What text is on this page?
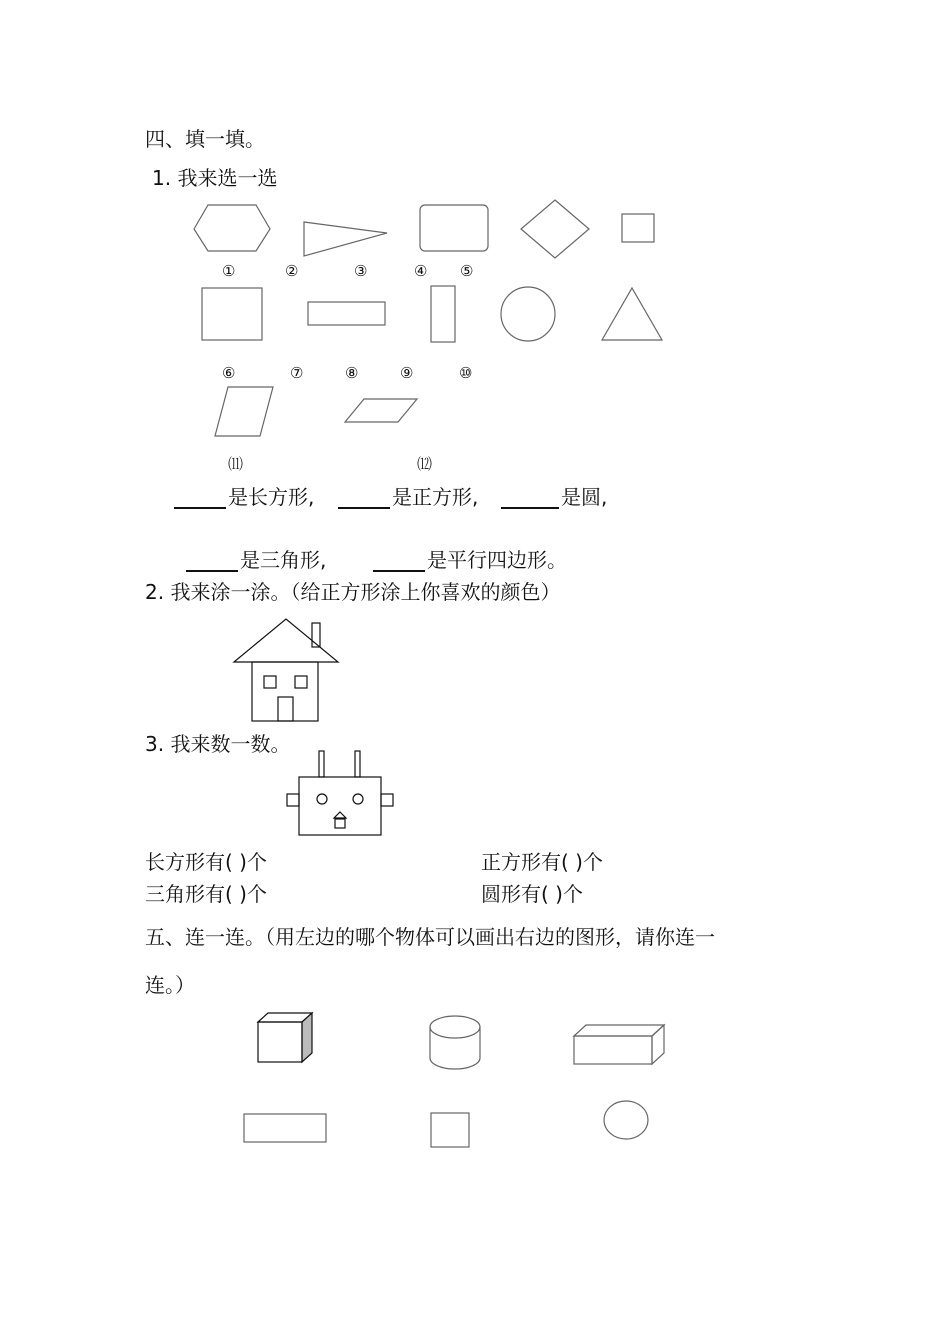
四、填一填。
1. 我来选一选
①	②	③	④ ⑤
⑥	⑦	⑧	⑨	⑩
⑾	⑿
是长方形,	是正方形,	是圆,
是三角形,	是平行四边形。
2. 我来涂一涂。（给正方形涂上你喜欢的颜色）
3. 我来数一数。
长方形有( )个	正方形有( )个
三角形有( )个	圆形有( )个
五、连一连。（用左边的哪个物体可以画出右边的图形，请你连一
连。）
